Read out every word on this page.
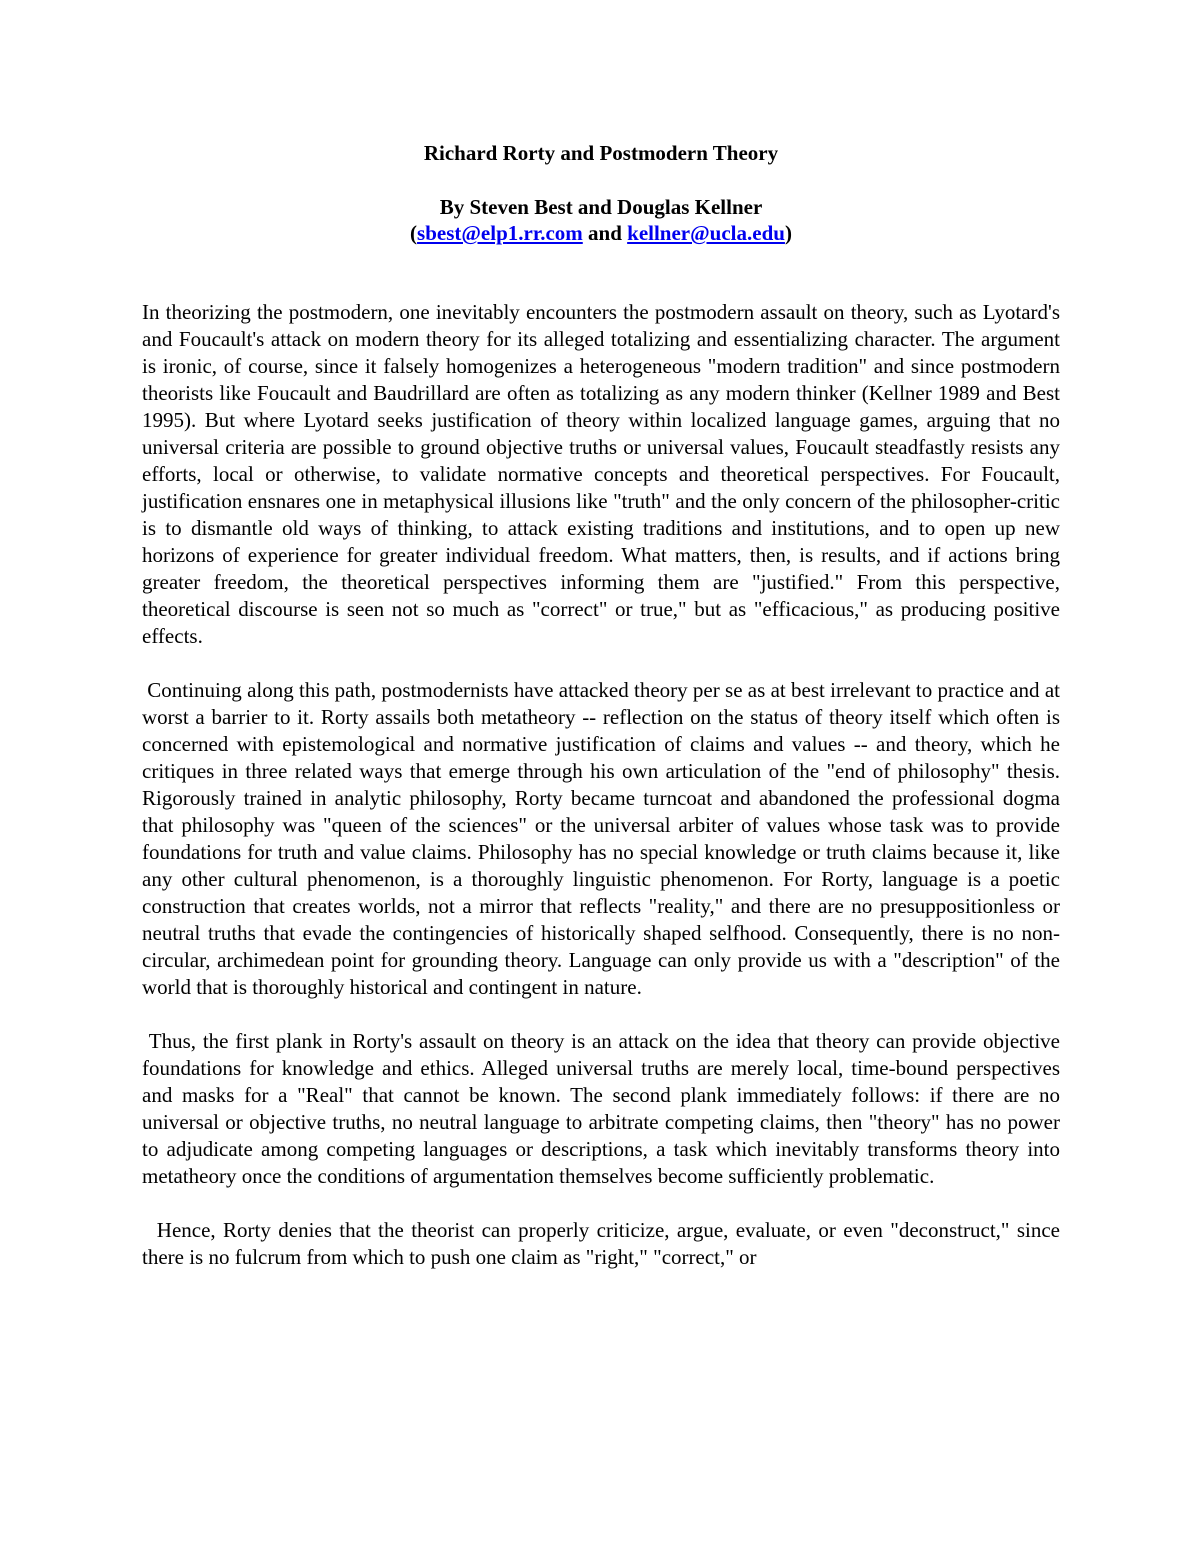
Richard Rorty and Postmodern Theory

By Steven Best and Douglas Kellner

(sbest@elp1.rr.com and kellner@ucla.edu)

In theorizing the postmodern, one inevitably encounters the postmodern assault on theory, such as Lyotard's and Foucault's attack on modern theory for its alleged totalizing and essentializing character. The argument is ironic, of course, since it falsely homogenizes a heterogeneous "modern tradition" and since postmodern theorists like Foucault and Baudrillard are often as totalizing as any modern thinker (Kellner 1989 and Best 1995). But where Lyotard seeks justification of theory within localized language games, arguing that no universal criteria are possible to ground objective truths or universal values, Foucault steadfastly resists any efforts, local or otherwise, to validate normative concepts and theoretical perspectives. For Foucault, justification ensnares one in metaphysical illusions like "truth" and the only concern of the philosopher-critic is to dismantle old ways of thinking, to attack existing traditions and institutions, and to open up new horizons of experience for greater individual freedom. What matters, then, is results, and if actions bring greater freedom, the theoretical perspectives informing them are "justified." From this perspective, theoretical discourse is seen not so much as "correct" or true," but as "efficacious," as producing positive effects.

Continuing along this path, postmodernists have attacked theory per se as at best irrelevant to practice and at worst a barrier to it. Rorty assails both metatheory -- reflection on the status of theory itself which often is concerned with epistemological and normative justification of claims and values -- and theory, which he critiques in three related ways that emerge through his own articulation of the "end of philosophy" thesis. Rigorously trained in analytic philosophy, Rorty became turncoat and abandoned the professional dogma that philosophy was "queen of the sciences" or the universal arbiter of values whose task was to provide foundations for truth and value claims. Philosophy has no special knowledge or truth claims because it, like any other cultural phenomenon, is a thoroughly linguistic phenomenon. For Rorty, language is a poetic construction that creates worlds, not a mirror that reflects "reality," and there are no presuppositionless or neutral truths that evade the contingencies of historically shaped selfhood. Consequently, there is no non-circular, archimedean point for grounding theory. Language can only provide us with a "description" of the world that is thoroughly historical and contingent in nature.

Thus, the first plank in Rorty's assault on theory is an attack on the idea that theory can provide objective foundations for knowledge and ethics. Alleged universal truths are merely local, time-bound perspectives and masks for a "Real" that cannot be known. The second plank immediately follows: if there are no universal or objective truths, no neutral language to arbitrate competing claims, then "theory" has no power to adjudicate among competing languages or descriptions, a task which inevitably transforms theory into metatheory once the conditions of argumentation themselves become sufficiently problematic.

Hence, Rorty denies that the theorist can properly criticize, argue, evaluate, or even "deconstruct," since there is no fulcrum from which to push one claim as "right," "correct," or
